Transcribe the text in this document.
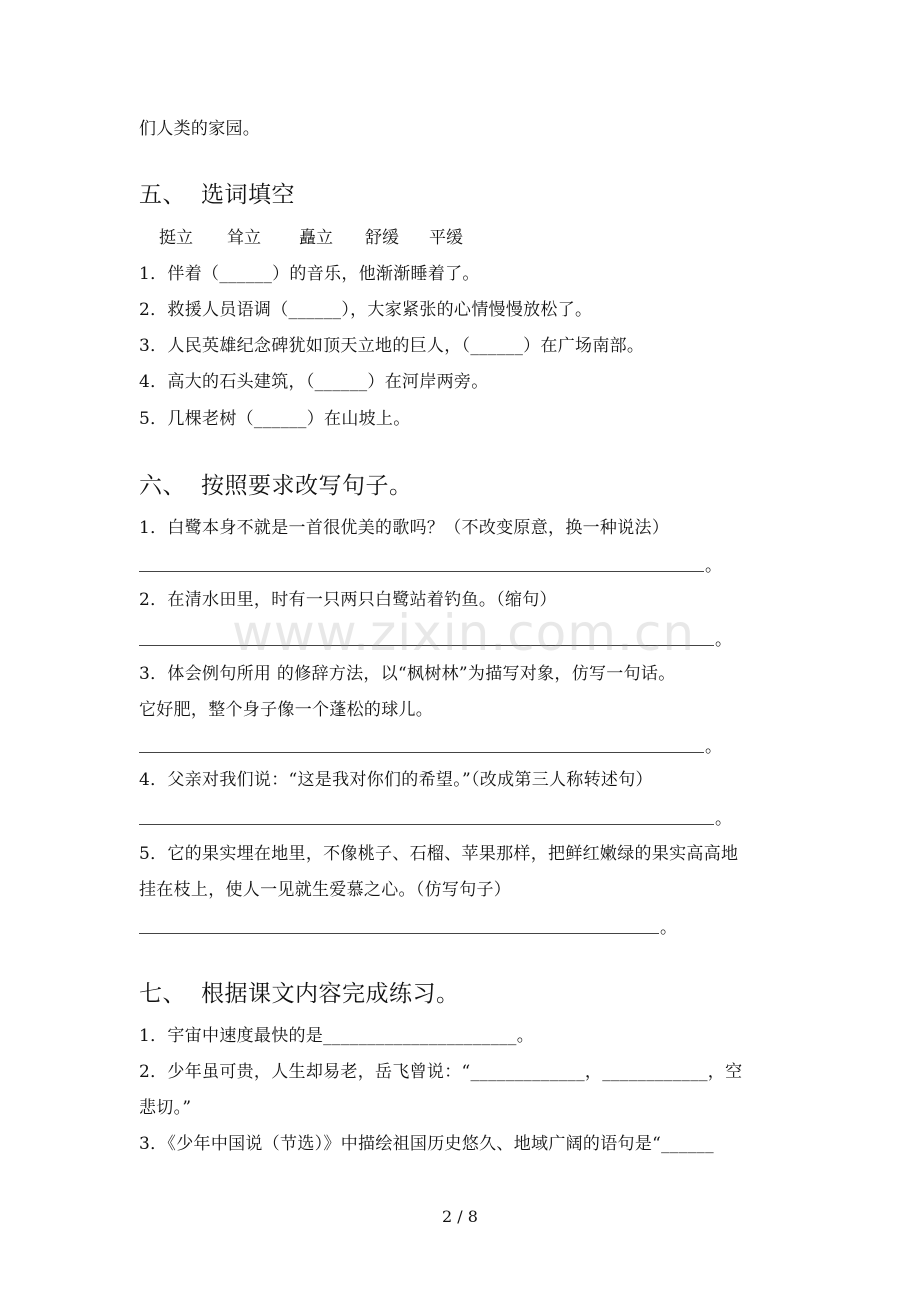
们人类的家园。
五、 选词填空
挺立 耸立 矗立 舒缓 平缓
1．伴着（______）的音乐，他渐渐睡着了。
2．救援人员语调（______），大家紧张的心情慢慢放松了。
3．人民英雄纪念碑犹如顶天立地的巨人，（______）在广场南部。
4．高大的石头建筑，（______）在河岸两旁。
5．几棵老树（______）在山坡上。
六、 按照要求改写句子。
1．白鹭本身不就是一首很优美的歌吗？（不改变原意，换一种说法）
。
2．在清水田里，时有一只两只白鹭站着钓鱼。（缩句）
。
3．体会例句所用 的修辞方法，以“枫树林”为描写对象，仿写一句话。
它好肥，整个身子像一个蓬松的球儿。
。
4．父亲对我们说：“这是我对你们的希望。”（改成第三人称转述句）
。
5．它的果实埋在地里，不像桃子、石榴、苹果那样，把鲜红嫩绿的果实高高地
挂在枝上，使人一见就生爱慕之心。（仿写句子）
。
七、 根据课文内容完成练习。
1．宇宙中速度最快的是______________________。
2．少年虽可贵，人生却易老，岳飞曾说：“_____________，____________，空
悲切。”
3．《少年中国说（节选）》中描绘祖国历史悠久、地域广阔的语句是“______
www.zixin.com.cn
2 / 8
